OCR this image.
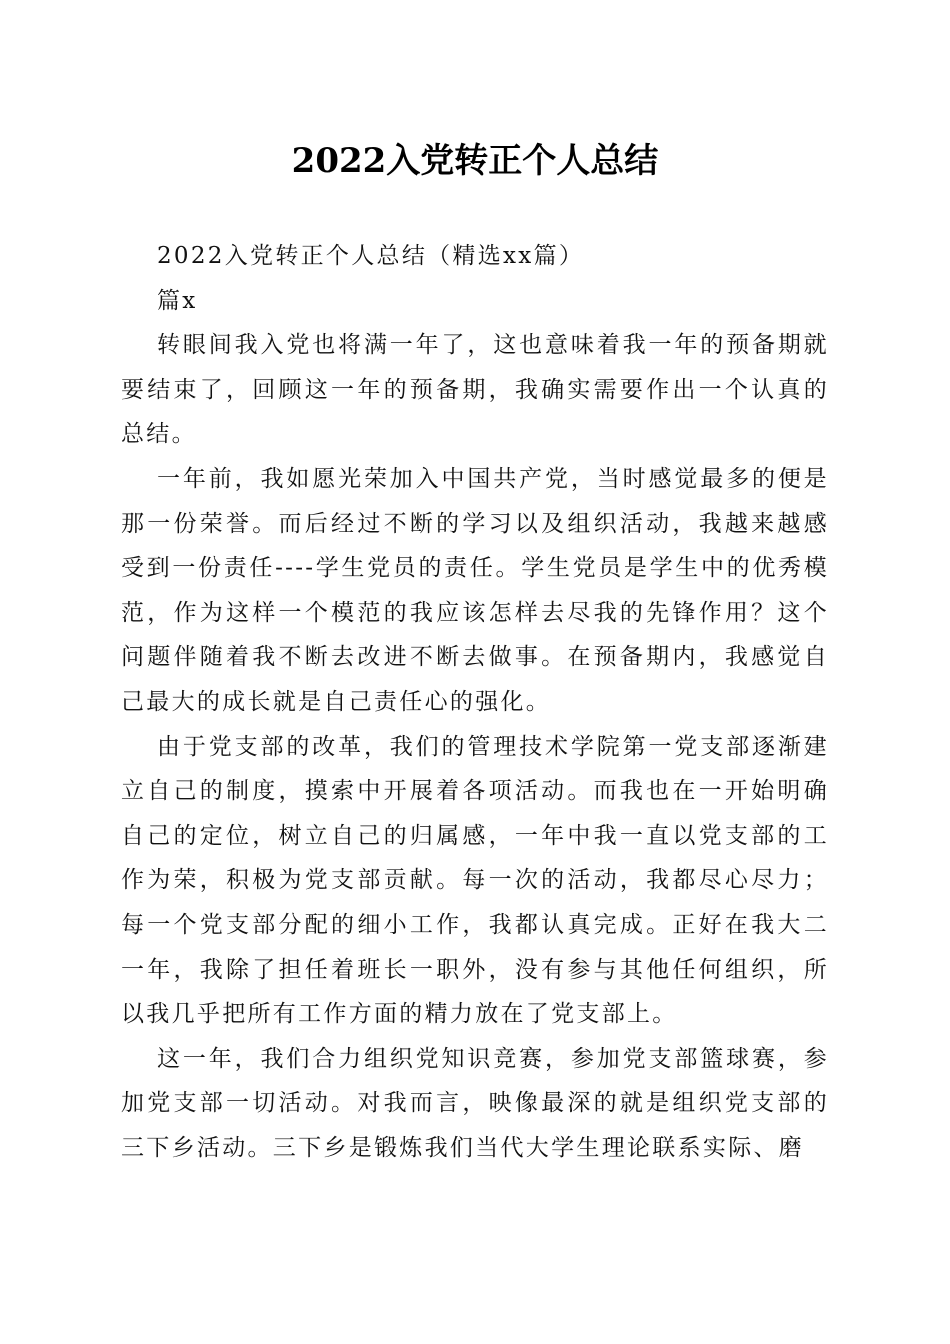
2022入党转正个人总结

2022入党转正个人总结（精选xx篇）

篇x

转眼间我入党也将满一年了，这也意味着我一年的预备期就要结束了，回顾这一年的预备期，我确实需要作出一个认真的总结。

一年前，我如愿光荣加入中国共产党，当时感觉最多的便是那一份荣誉。而后经过不断的学习以及组织活动，我越来越感受到一份责任----学生党员的责任。学生党员是学生中的优秀模范，作为这样一个模范的我应该怎样去尽我的先锋作用？这个问题伴随着我不断去改进不断去做事。在预备期内，我感觉自己最大的成长就是自己责任心的强化。

由于党支部的改革，我们的管理技术学院第一党支部逐渐建立自己的制度，摸索中开展着各项活动。而我也在一开始明确自己的定位，树立自己的归属感，一年中我一直以党支部的工作为荣，积极为党支部贡献。每一次的活动，我都尽心尽力；每一个党支部分配的细小工作，我都认真完成。正好在我大二一年，我除了担任着班长一职外，没有参与其他任何组织，所以我几乎把所有工作方面的精力放在了党支部上。

这一年，我们合力组织党知识竞赛，参加党支部篮球赛，参加党支部一切活动。对我而言，映像最深的就是组织党支部的三下乡活动。三下乡是锻炼我们当代大学生理论联系实际、磨
